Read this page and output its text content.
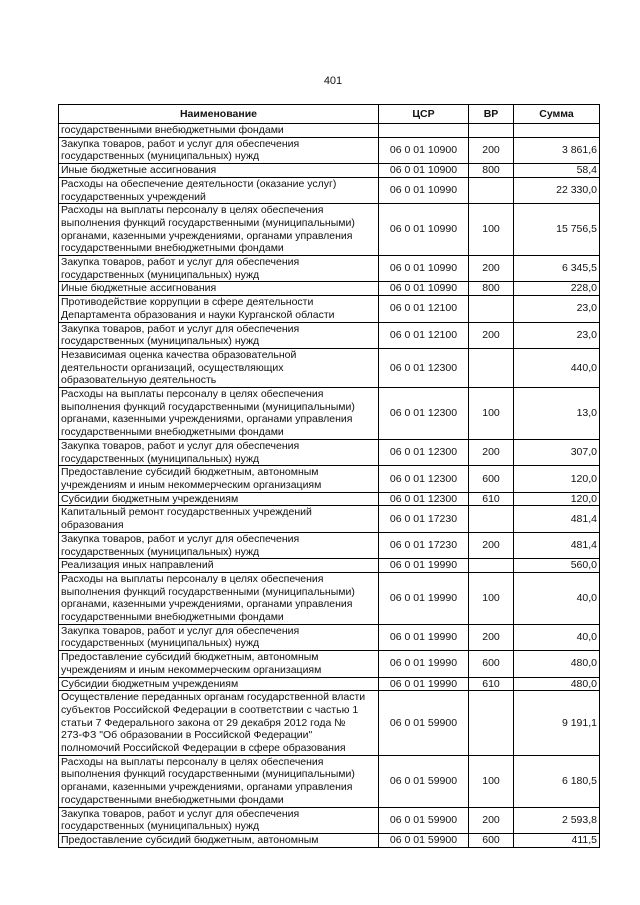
401
Наименование	ЦСР	ВР	Сумма
государственными внебюджетными фондами			
Закупка товаров, работ и услуг для обеспечения
государственных (муниципальных) нужд	06 0 01 10900	200	3 861,6
Иные бюджетные ассигнования	06 0 01 10900	800	58,4
Расходы на обеспечение деятельности (оказание услуг)
государственных учреждений	06 0 01 10990		22 330,0
Расходы на выплаты персоналу в целях обеспечения
выполнения функций государственными (муниципальными)
органами, казенными учреждениями, органами управления
государственными внебюджетными фондами	06 0 01 10990	100	15 756,5
Закупка товаров, работ и услуг для обеспечения
государственных (муниципальных) нужд	06 0 01 10990	200	6 345,5
Иные бюджетные ассигнования	06 0 01 10990	800	228,0
Противодействие коррупции в сфере деятельности
Департамента образования и науки Курганской области	06 0 01 12100		23,0
Закупка товаров, работ и услуг для обеспечения
государственных (муниципальных) нужд	06 0 01 12100	200	23,0
Независимая оценка качества образовательной
деятельности организаций, осуществляющих
образовательную деятельность	06 0 01 12300		440,0
Расходы на выплаты персоналу в целях обеспечения
выполнения функций государственными (муниципальными)
органами, казенными учреждениями, органами управления
государственными внебюджетными фондами	06 0 01 12300	100	13,0
Закупка товаров, работ и услуг для обеспечения
государственных (муниципальных) нужд	06 0 01 12300	200	307,0
Предоставление субсидий бюджетным, автономным
учреждениям и иным некоммерческим организациям	06 0 01 12300	600	120,0
Субсидии бюджетным учреждениям	06 0 01 12300	610	120,0
Капитальный ремонт государственных учреждений
образования	06 0 01 17230		481,4
Закупка товаров, работ и услуг для обеспечения
государственных (муниципальных) нужд	06 0 01 17230	200	481,4
Реализация иных направлений	06 0 01 19990		560,0
Расходы на выплаты персоналу в целях обеспечения
выполнения функций государственными (муниципальными)
органами, казенными учреждениями, органами управления
государственными внебюджетными фондами	06 0 01 19990	100	40,0
Закупка товаров, работ и услуг для обеспечения
государственных (муниципальных) нужд	06 0 01 19990	200	40,0
Предоставление субсидий бюджетным, автономным
учреждениям и иным некоммерческим организациям	06 0 01 19990	600	480,0
Субсидии бюджетным учреждениям	06 0 01 19990	610	480,0
Осуществление переданных органам государственной власти
субъектов Российской Федерации в соответствии с частью 1
статьи 7 Федерального закона от 29 декабря 2012 года №
273-ФЗ "Об образовании в Российской Федерации"
полномочий Российской Федерации в сфере образования	06 0 01 59900		9 191,1
Расходы на выплаты персоналу в целях обеспечения
выполнения функций государственными (муниципальными)
органами, казенными учреждениями, органами управления
государственными внебюджетными фондами	06 0 01 59900	100	6 180,5
Закупка товаров, работ и услуг для обеспечения
государственных (муниципальных) нужд	06 0 01 59900	200	2 593,8
Предоставление субсидий бюджетным, автономным	06 0 01 59900	600	411,5
